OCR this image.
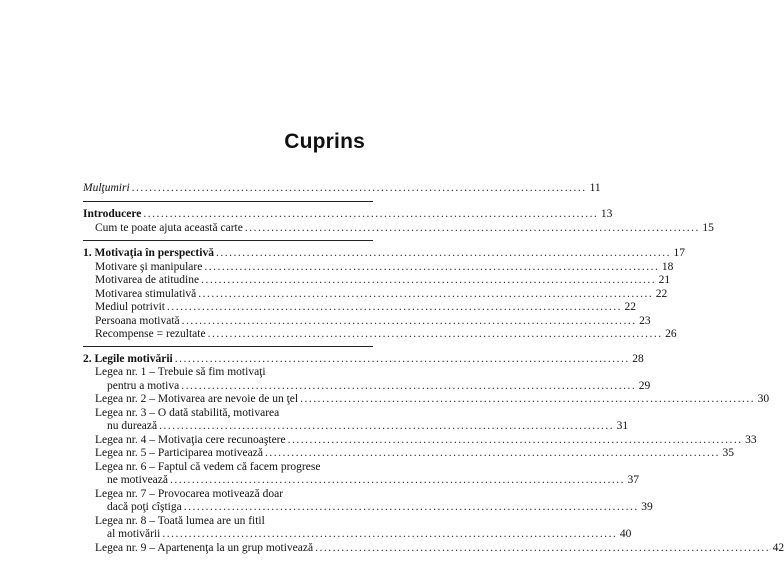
Cuprins
Mulţumiri ........................................................................................................ 11
Introducere ........................................................................................................ 13
Cum te poate ajuta această carte ........................................................................................................ 15
1. Motivaţia în perspectivă ........................................................................................................ 17
Motivare şi manipulare ........................................................................................................ 18
Motivarea de atitudine ........................................................................................................ 21
Motivarea stimulativă ........................................................................................................ 22
Mediul potrivit ........................................................................................................ 22
Persoana motivată ........................................................................................................ 23
Recompense = rezultate ........................................................................................................ 26
2. Legile motivării ........................................................................................................ 28
Legea nr. 1 – Trebuie să fim motivaţi
pentru a motiva ........................................................................................................ 29
Legea nr. 2 – Motivarea are nevoie de un ţel ........................................................................................................ 30
Legea nr. 3 – O dată stabilită, motivarea
nu durează ........................................................................................................ 31
Legea nr. 4 – Motivaţia cere recunoaştere ........................................................................................................ 33
Legea nr. 5 – Participarea motivează ........................................................................................................ 35
Legea nr. 6 – Faptul că vedem că facem progrese
ne motivează ........................................................................................................ 37
Legea nr. 7 – Provocarea motivează doar
dacă poţi cîştiga ........................................................................................................ 39
Legea nr. 8 – Toată lumea are un fitil
al motivării ........................................................................................................ 40
Legea nr. 9 – Apartenenţa la un grup motivează ........................................................................................................ 42
